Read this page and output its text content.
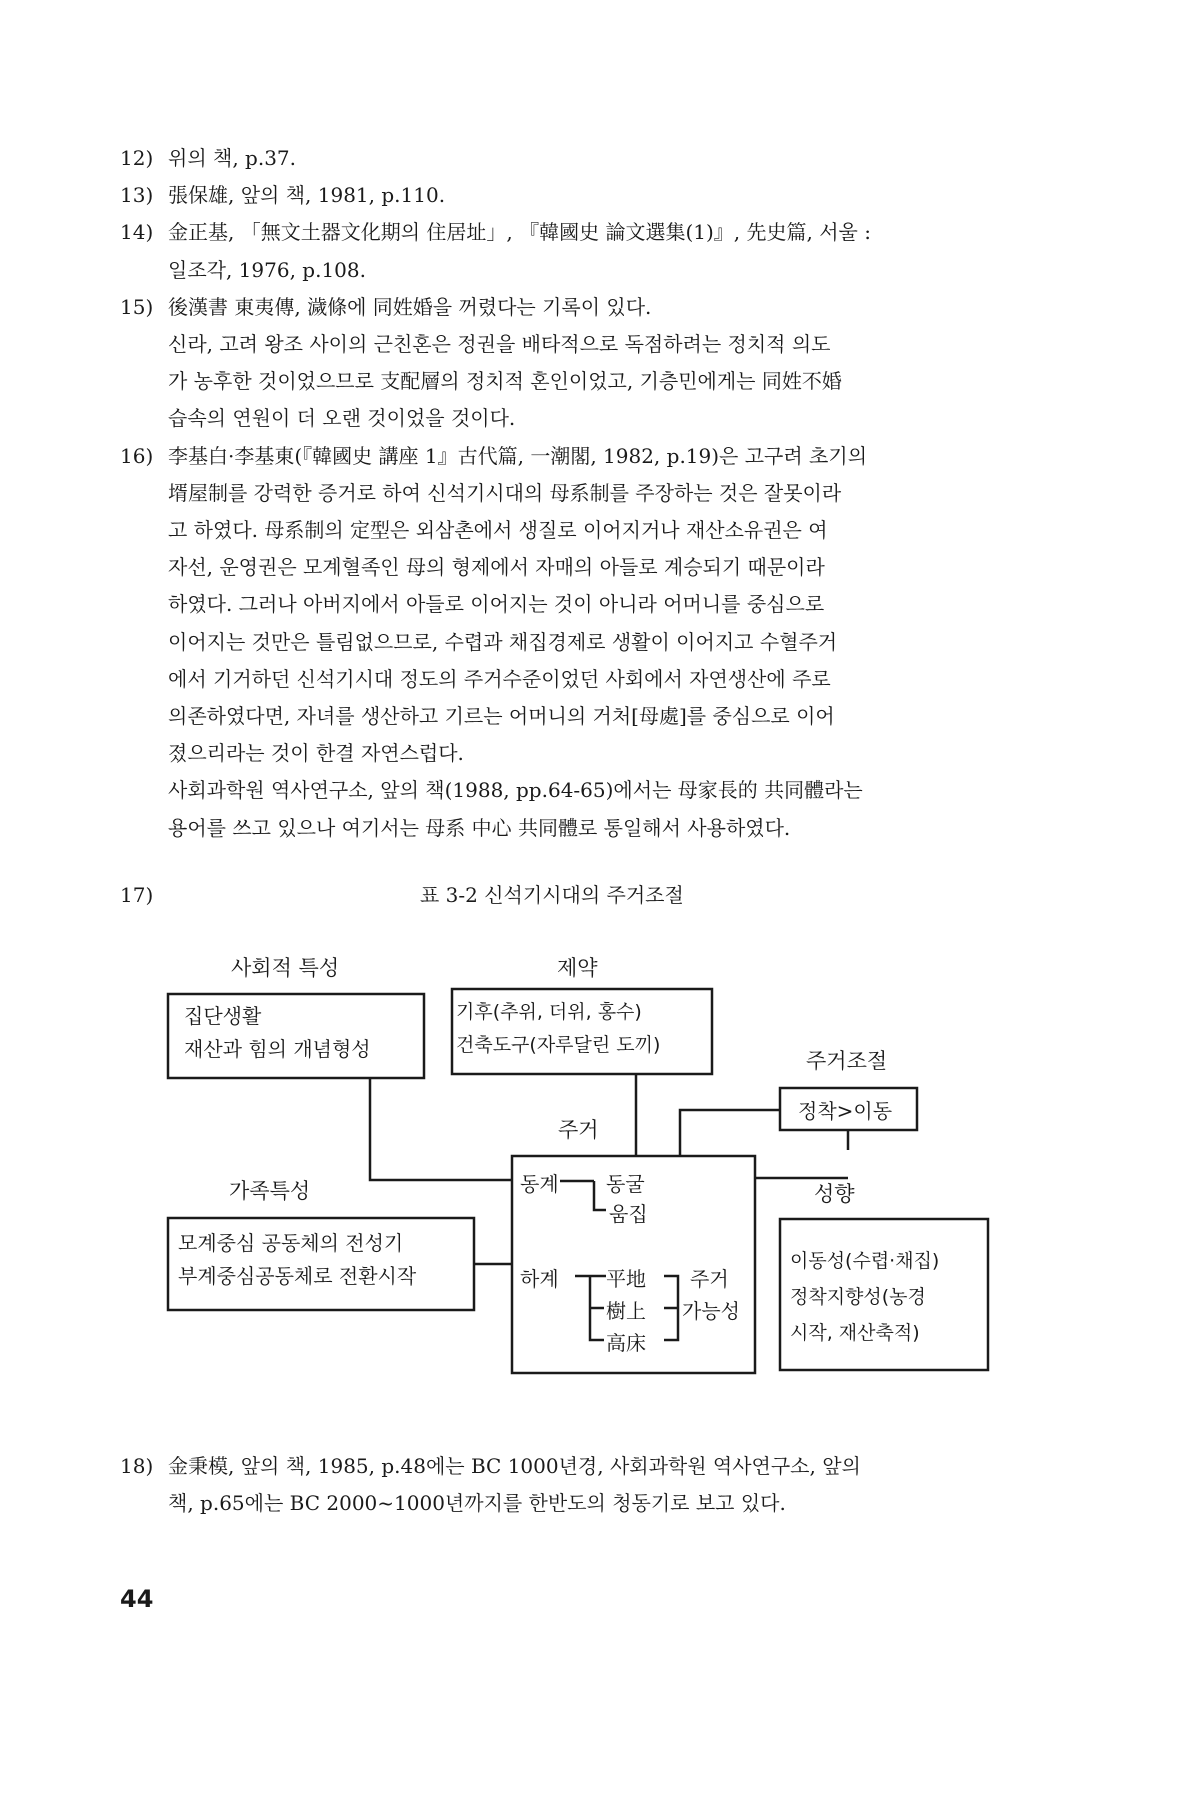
12) 위의 책, p.37.
13) 張保雄, 앞의 책, 1981, p.110.
14) 金正基, 「無文土器文化期의 住居址」, 『韓國史 論文選集(1)』, 先史篇, 서울 :
일조각, 1976, p.108.
15) 後漢書 東夷傳, 濊條에 同姓婚을 꺼렸다는 기록이 있다.
신라, 고려 왕조 사이의 근친혼은 정권을 배타적으로 독점하려는 정치적 의도
가 농후한 것이었으므로 支配層의 정치적 혼인이었고, 기층민에게는 同姓不婚
습속의 연원이 더 오랜 것이었을 것이다.
16) 李基白·李基東(『韓國史 講座 1』古代篇, 一潮閣, 1982, p.19)은 고구려 초기의
壻屋制를 강력한 증거로 하여 신석기시대의 母系制를 주장하는 것은 잘못이라
고 하였다. 母系制의 定型은 외삼촌에서 생질로 이어지거나 재산소유권은 여
자선, 운영권은 모계혈족인 母의 형제에서 자매의 아들로 계승되기 때문이라
하였다. 그러나 아버지에서 아들로 이어지는 것이 아니라 어머니를 중심으로
이어지는 것만은 틀림없으므로, 수렵과 채집경제로 생활이 이어지고 수혈주거
에서 기거하던 신석기시대 정도의 주거수준이었던 사회에서 자연생산에 주로
의존하였다면, 자녀를 생산하고 기르는 어머니의 거처[母處]를 중심으로 이어
졌으리라는 것이 한결 자연스럽다.
사회과학원 역사연구소, 앞의 책(1988, pp.64-65)에서는 母家長的 共同體라는
용어를 쓰고 있으나 여기서는 母系 中心 共同體로 통일해서 사용하였다.
17)	표 3-2 신석기시대의 주거조절
사회적 특성
집단생활
재산과 힘의 개념형성
제약
기후(추위, 더위, 홍수)
건축도구(자루달린 도끼)
주거조절
정착>이동
주거
가족특성
모계중심 공동체의 전성기
부계중심공동체로 전환시작
동계 동굴
움집
하계 平地
樹上
高床
주거
가능성
성향
이동성(수렵·채집)
정착지향성(농경
시작, 재산축적)
18) 金秉模, 앞의 책, 1985, p.48에는 BC 1000년경, 사회과학원 역사연구소, 앞의
책, p.65에는 BC 2000~1000년까지를 한반도의 청동기로 보고 있다.
44
